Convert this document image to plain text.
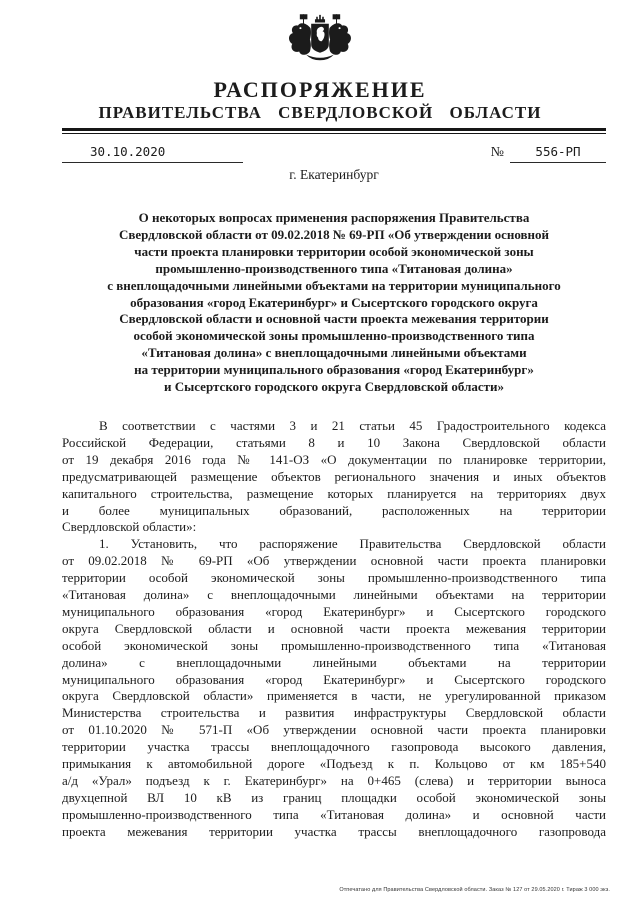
РАСПОРЯЖЕНИЕ
ПРАВИТЕЛЬСТВА СВЕРДЛОВСКОЙ ОБЛАСТИ
30.10.2020	№	556-РП
г. Екатеринбург
О некоторых вопросах применения распоряжения Правительства
Свердловской области от 09.02.2018 № 69-РП «Об утверждении основной
части проекта планировки территории особой экономической зоны
промышленно-производственного типа «Титановая долина»
с внеплощадочными линейными объектами на территории муниципального
образования «город Екатеринбург» и Сысертского городского округа
Свердловской области и основной части проекта межевания территории
особой экономической зоны промышленно-производственного типа
«Титановая долина» с внеплощадочными линейными объектами
на территории муниципального образования «город Екатеринбург»
и Сысертского городского округа Свердловской области»
В соответствии с частями 3 и 21 статьи 45 Градостроительного кодекса
Российской Федерации, статьями 8 и 10 Закона Свердловской области
от 19 декабря 2016 года № 141-ОЗ «О документации по планировке территории,
предусматривающей размещение объектов регионального значения и иных объектов
капитального строительства, размещение которых планируется на территориях двух
и более муниципальных образований, расположенных на территории
Свердловской области»:
1. Установить, что распоряжение Правительства Свердловской области
от 09.02.2018 № 69-РП «Об утверждении основной части проекта планировки
территории особой экономической зоны промышленно-производственного типа
«Титановая долина» с внеплощадочными линейными объектами на территории
муниципального образования «город Екатеринбург» и Сысертского городского
округа Свердловской области и основной части проекта межевания территории
особой экономической зоны промышленно-производственного типа «Титановая
долина» с внеплощадочными линейными объектами на территории
муниципального образования «город Екатеринбург» и Сысертского городского
округа Свердловской области» применяется в части, не урегулированной приказом
Министерства строительства и развития инфраструктуры Свердловской области
от 01.10.2020 № 571-П «Об утверждении основной части проекта планировки
территории участка трассы внеплощадочного газопровода высокого давления,
примыкания к автомобильной дороге «Подъезд к п. Кольцово от км 185+540
а/д «Урал» подъезд к г. Екатеринбург» на 0+465 (слева) и территории выноса
двухцепной ВЛ 10 кВ из границ площадки особой экономической зоны
промышленно-производственного типа «Титановая долина» и основной части
проекта межевания территории участка трассы внеплощадочного газопровода
Отпечатано для Правительства Свердловской области. Заказ № 127 от 29.05.2020 г. Тираж 3 000 экз.
